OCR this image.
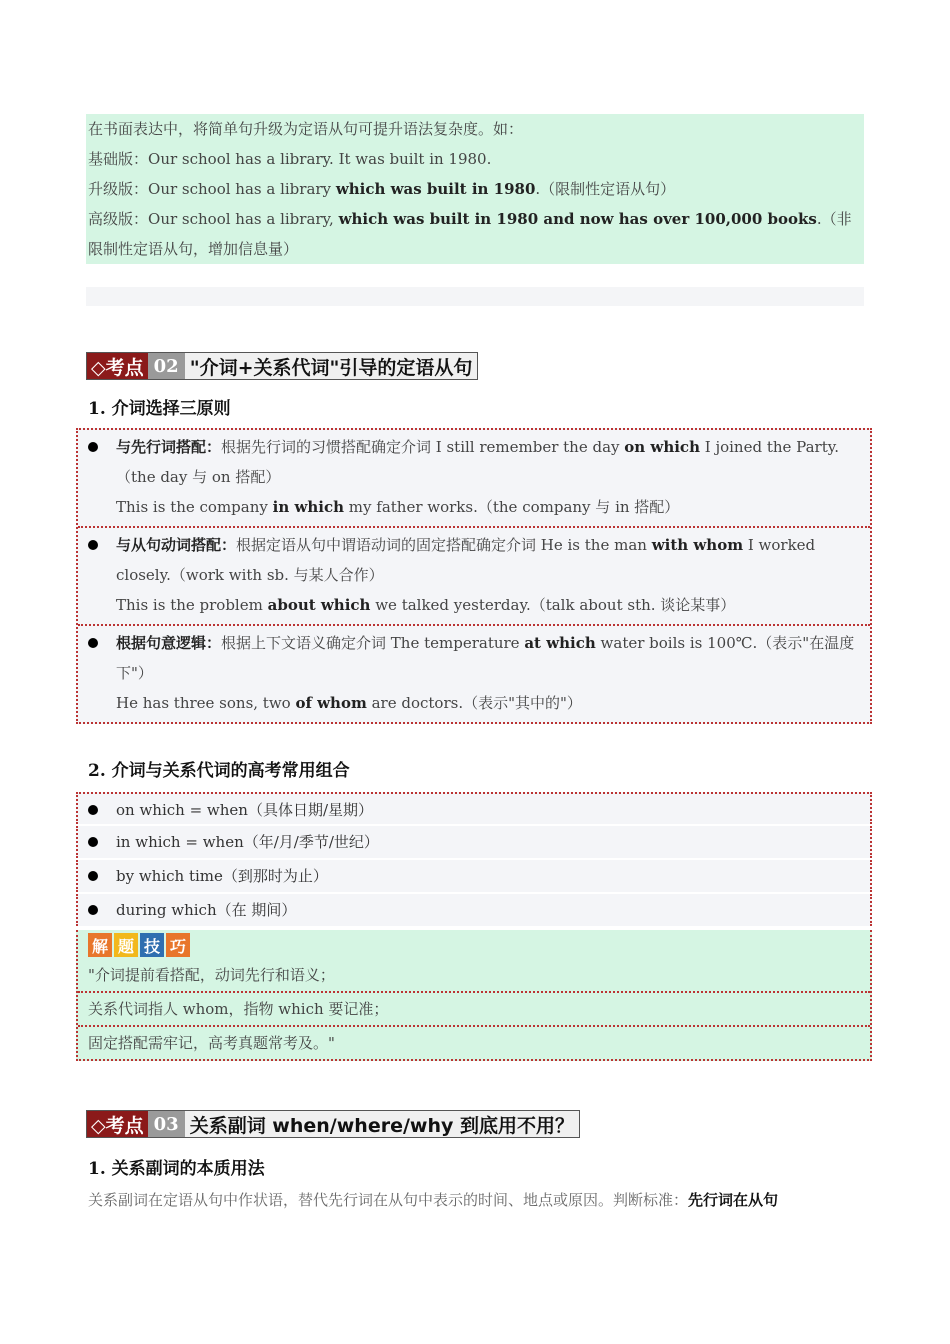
在书面表达中，将简单句升级为定语从句可提升语法复杂度。如：
基础版：Our school has a library. It was built in 1980.
升级版：Our school has a library which was built in 1980.（限制性定语从句）
高级版：Our school has a library, which was built in 1980 and now has over 100,000 books.（非限制性定语从句，增加信息量）
◇考点 02 "介词+关系代词"引导的定语从句
1. 介词选择三原则
与先行词搭配：根据先行词的习惯搭配确定介词 I still remember the day on which I joined the Party.（the day 与 on 搭配）
This is the company in which my father works.（the company 与 in 搭配）
与从句动词搭配：根据定语从句中谓语动词的固定搭配确定介词 He is the man with whom I worked closely.（work with sb. 与某人合作）
This is the problem about which we talked yesterday.（talk about sth. 谈论某事）
根据句意逻辑：根据上下文语义确定介词 The temperature at which water boils is 100℃.（表示"在温度下"）
He has three sons, two of whom are doctors.（表示"其中的"）
2. 介词与关系代词的高考常用组合
on which = when（具体日期/星期）
in which = when（年/月/季节/世纪）
by which time（到那时为止）
during which（在 期间）
解 题 技 巧
"介词提前看搭配，动词先行和语义；
关系代词指人 whom，指物 which 要记准；
固定搭配需牢记，高考真题常考及。"
◇考点 03 关系副词 when/where/why 到底用不用？
1. 关系副词的本质用法
关系副词在定语从句中作状语，替代先行词在从句中表示的时间、地点或原因。判断标准：先行词在从句
